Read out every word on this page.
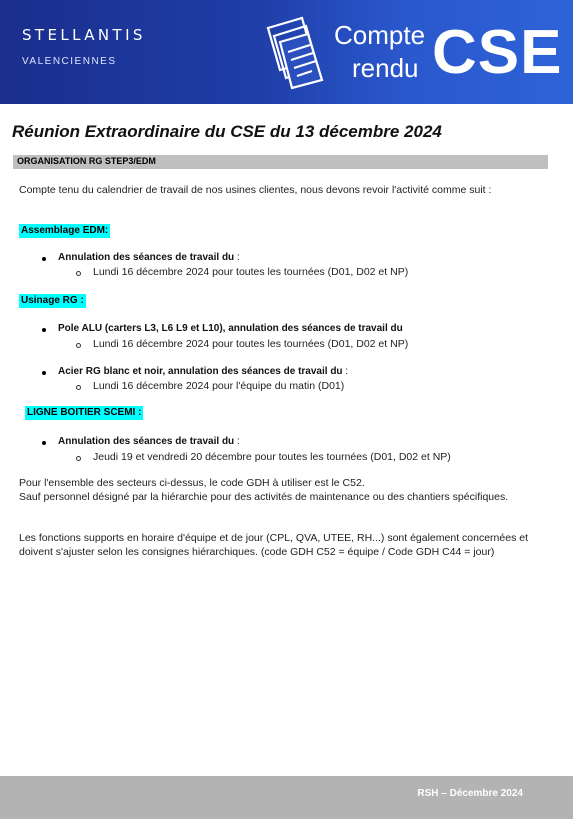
STELLANTIS
VALENCIENNES
Compte
rendu CSE
Réunion Extraordinaire du CSE du 13 décembre 2024
ORGANISATION RG STEP3/EDM
Compte tenu du calendrier de travail de nos usines clientes, nous devons revoir l'activité comme suit :
Assemblage EDM:
Annulation des séances de travail du :
Lundi 16 décembre 2024 pour toutes les tournées (D01, D02 et NP)
Usinage RG :
Pole ALU (carters L3, L6 L9 et L10), annulation des séances de travail du
Lundi 16 décembre 2024 pour toutes les tournées (D01, D02 et NP)
Acier RG blanc et noir, annulation des séances de travail du :
Lundi 16 décembre 2024 pour l'équipe du matin (D01)
LIGNE BOITIER SCEMI :
Annulation des séances de travail du :
Jeudi 19 et vendredi 20 décembre pour toutes les tournées (D01, D02 et NP)
Pour l'ensemble des secteurs ci-dessus, le code GDH à utiliser est le C52.
Sauf personnel désigné par la hiérarchie pour des activités de maintenance ou des chantiers spécifiques.
Les fonctions supports en horaire d'équipe et de jour (CPL, QVA, UTEE, RH...) sont également concernées et doivent s'ajuster selon les consignes hiérarchiques. (code GDH C52 = équipe / Code GDH C44 = jour)
RSH – Décembre 2024
